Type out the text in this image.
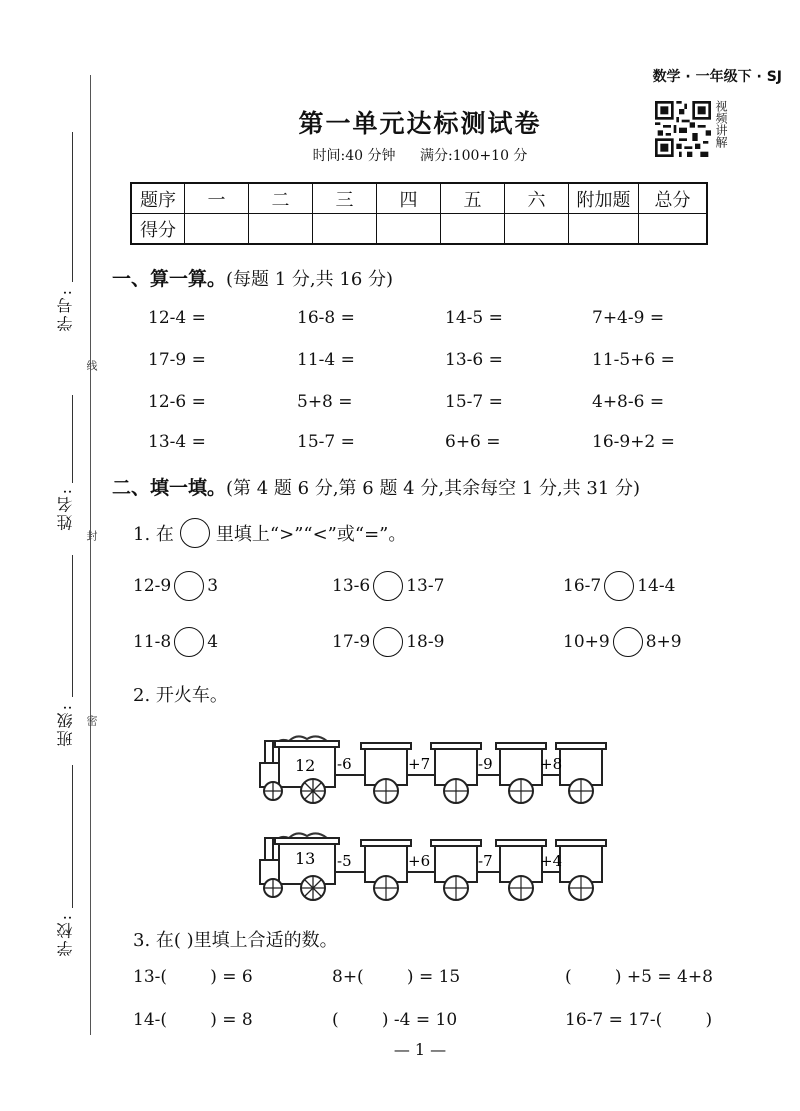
学号:
线
姓名:
封
班级: 密
学校:
数学 · 一年级下 · SJ
视频讲解
第一单元达标测试卷
时间:40 分钟 满分:100+10 分
题序	一	二	三	四	五	六	附加题	总分
得分								
一、算一算。(每题 1 分,共 16 分)
12-4 =	16-8 =	14-5 =	7+4-9 =
17-9 =	11-4 =	13-6 =	11-5+6 =
12-6 =	5+8 =	15-7 =	4+8-6 =
13-4 =	15-7 =	6+6 =	16-9+2 =
二、填一填。(第 4 题 6 分,第 6 题 4 分,其余每空 1 分,共 31 分)
1. 在 里填上“>”“<”或“=”。
12-9 3	13-6 13-7	16-7 14-4
11-8 4	17-9 18-9	10+9 8+9
2. 开火车。
12 -6	+7	-9	+8
13 -5	+6	-7	+4
3. 在( )里填上合适的数。
13-(        ) = 6	8+(        ) = 15	(        ) +5 = 4+8
14-(        ) = 8	(        ) -4 = 10	16-7 = 17-(        )
— 1 —
